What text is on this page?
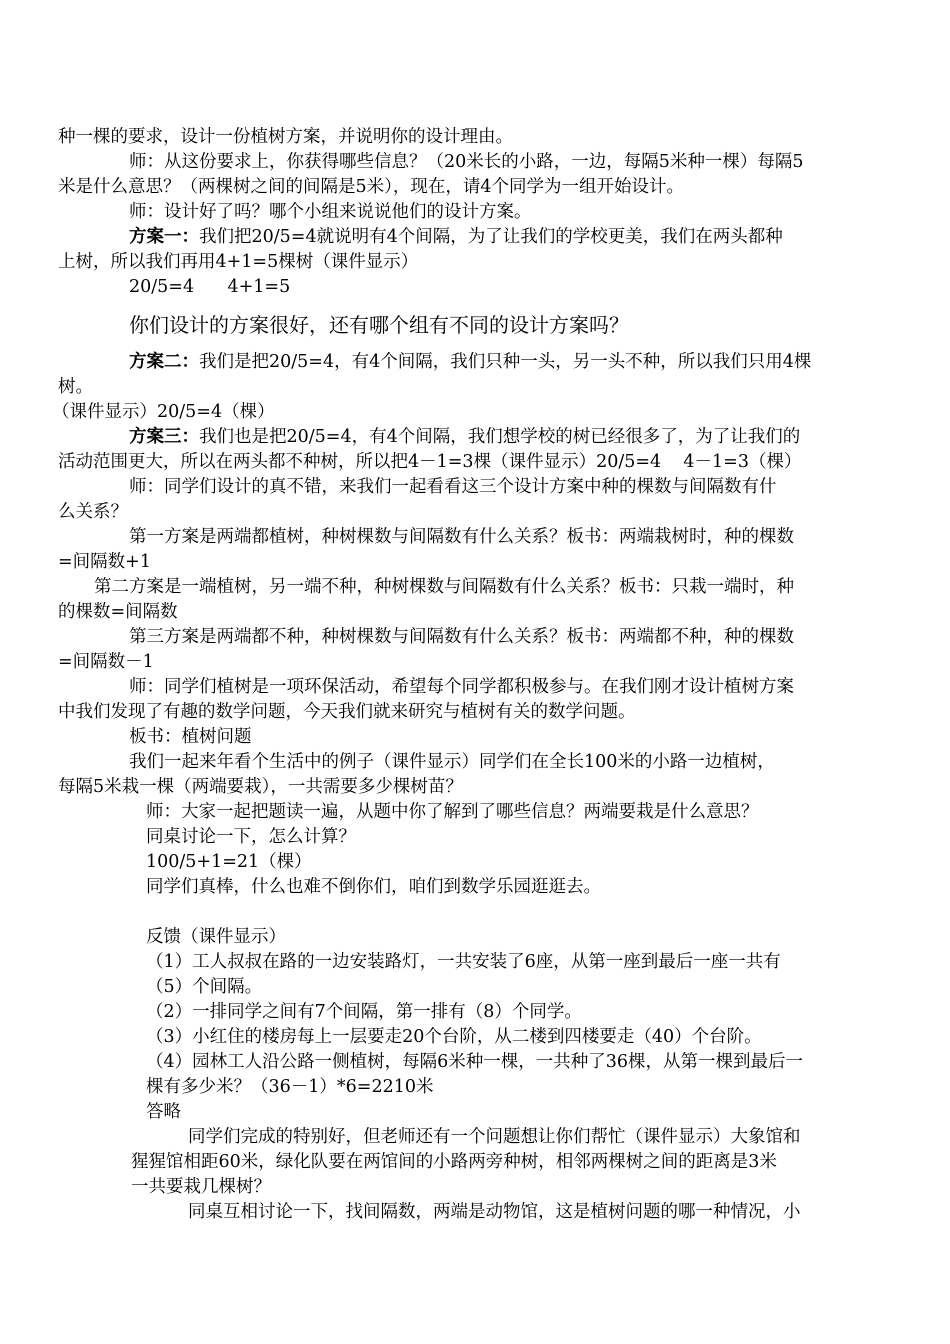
种一棵的要求，设计一份植树方案，并说明你的设计理由。
师：从这份要求上，你获得哪些信息？（20米长的小路，一边，每隔5米种一棵）每隔5
米是什么意思？（两棵树之间的间隔是5米），现在，请4个同学为一组开始设计。
师：设计好了吗？哪个小组来说说他们的设计方案。
方案一：我们把20/5=4就说明有4个间隔，为了让我们的学校更美，我们在两头都种
上树，所以我们再用4+1=5棵树（课件显示）
20/5=4      4+1=5
你们设计的方案很好，还有哪个组有不同的设计方案吗？
方案二：我们是把20/5=4，有4个间隔，我们只种一头，另一头不种，所以我们只用4棵
树。
（课件显示）20/5=4（棵）
方案三：我们也是把20/5=4，有4个间隔，我们想学校的树已经很多了，为了让我们的
活动范围更大，所以在两头都不种树，所以把4－1=3棵（课件显示）20/5=4    4－1=3（棵）
师：同学们设计的真不错，来我们一起看看这三个设计方案中种的棵数与间隔数有什
么关系？
第一方案是两端都植树，种树棵数与间隔数有什么关系？板书：两端栽树时，种的棵数
=间隔数+1
第二方案是一端植树，另一端不种，种树棵数与间隔数有什么关系？板书：只栽一端时，种
的棵数=间隔数
第三方案是两端都不种，种树棵数与间隔数有什么关系？板书：两端都不种，种的棵数
=间隔数－1
师：同学们植树是一项环保活动，希望每个同学都积极参与。在我们刚才设计植树方案
中我们发现了有趣的数学问题，今天我们就来研究与植树有关的数学问题。
板书：植树问题
我们一起来年看个生活中的例子（课件显示）同学们在全长100米的小路一边植树，
每隔5米栽一棵（两端要栽），一共需要多少棵树苗？
师：大家一起把题读一遍，从题中你了解到了哪些信息？两端要栽是什么意思？
同桌讨论一下，怎么计算？
100/5+1=21（棵）
同学们真棒，什么也难不倒你们，咱们到数学乐园逛逛去。
反馈（课件显示）
（1）工人叔叔在路的一边安装路灯，一共安装了6座，从第一座到最后一座一共有
（5）个间隔。
（2）一排同学之间有7个间隔，第一排有（8）个同学。
（3）小红住的楼房每上一层要走20个台阶，从二楼到四楼要走（40）个台阶。
（4）园林工人沿公路一侧植树，每隔6米种一棵，一共种了36棵，从第一棵到最后一
棵有多少米？（36－1）*6=2210米
答略
同学们完成的特别好，但老师还有一个问题想让你们帮忙（课件显示）大象馆和
猩猩馆相距60米，绿化队要在两馆间的小路两旁种树，相邻两棵树之间的距离是3米
一共要栽几棵树？
同桌互相讨论一下，找间隔数，两端是动物馆，这是植树问题的哪一种情况，小
